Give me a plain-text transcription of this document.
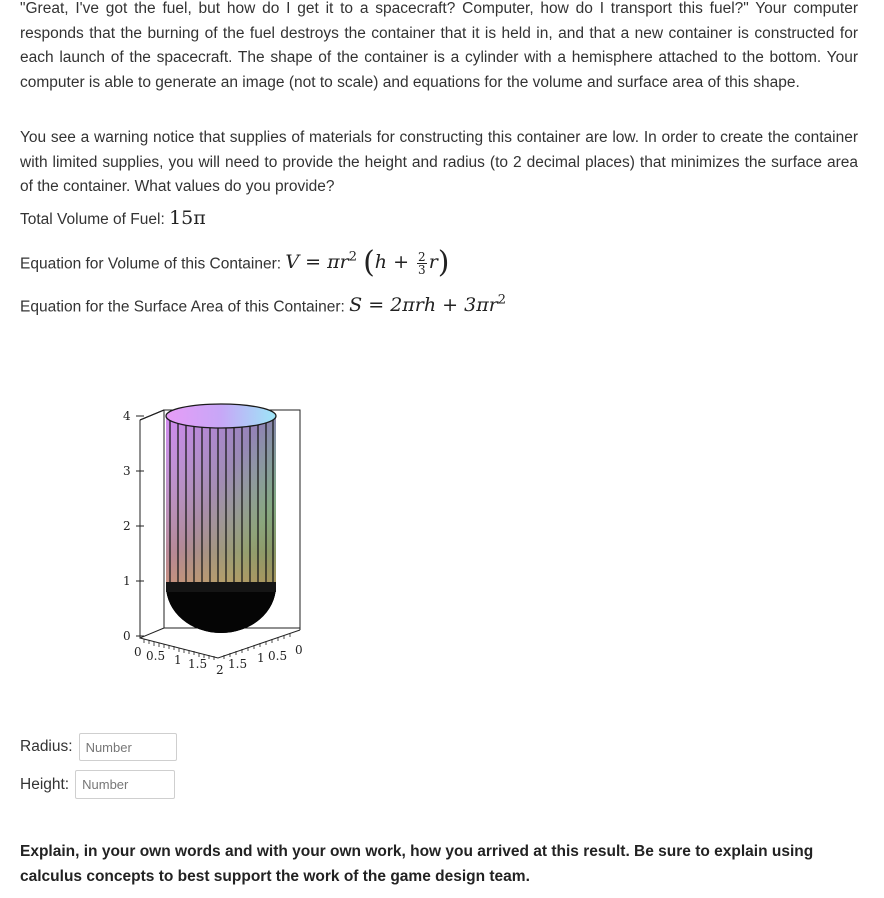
"Great, I've got the fuel, but how do I get it to a spacecraft? Computer, how do I transport this fuel?" Your computer responds that the burning of the fuel destroys the container that it is held in, and that a new container is constructed for each launch of the spacecraft. The shape of the container is a cylinder with a hemisphere attached to the bottom. Your computer is able to generate an image (not to scale) and equations for the volume and surface area of this shape.

You see a warning notice that supplies of materials for constructing this container are low. In order to create the container with limited supplies, you will need to provide the height and radius (to 2 decimal places) that minimizes the surface area of the container. What values do you provide?

Total Volume of Fuel: 15π
Equation for Volume of this Container: $V = \pi r^2$ $(h + \frac{2}{3} r)$
Equation for the Surface Area of this Container: $S = 2\pi rh + 3\pi r^2$
0
1
2
3
4
0 0.5 1 1.5 2 1.5 1 0.5 0
Radius:
Number
Height:
Number
Explain, in your own words and with your own work, how you arrived at this result. Be sure to explain using calculus concepts to best support the work of the game design team.
